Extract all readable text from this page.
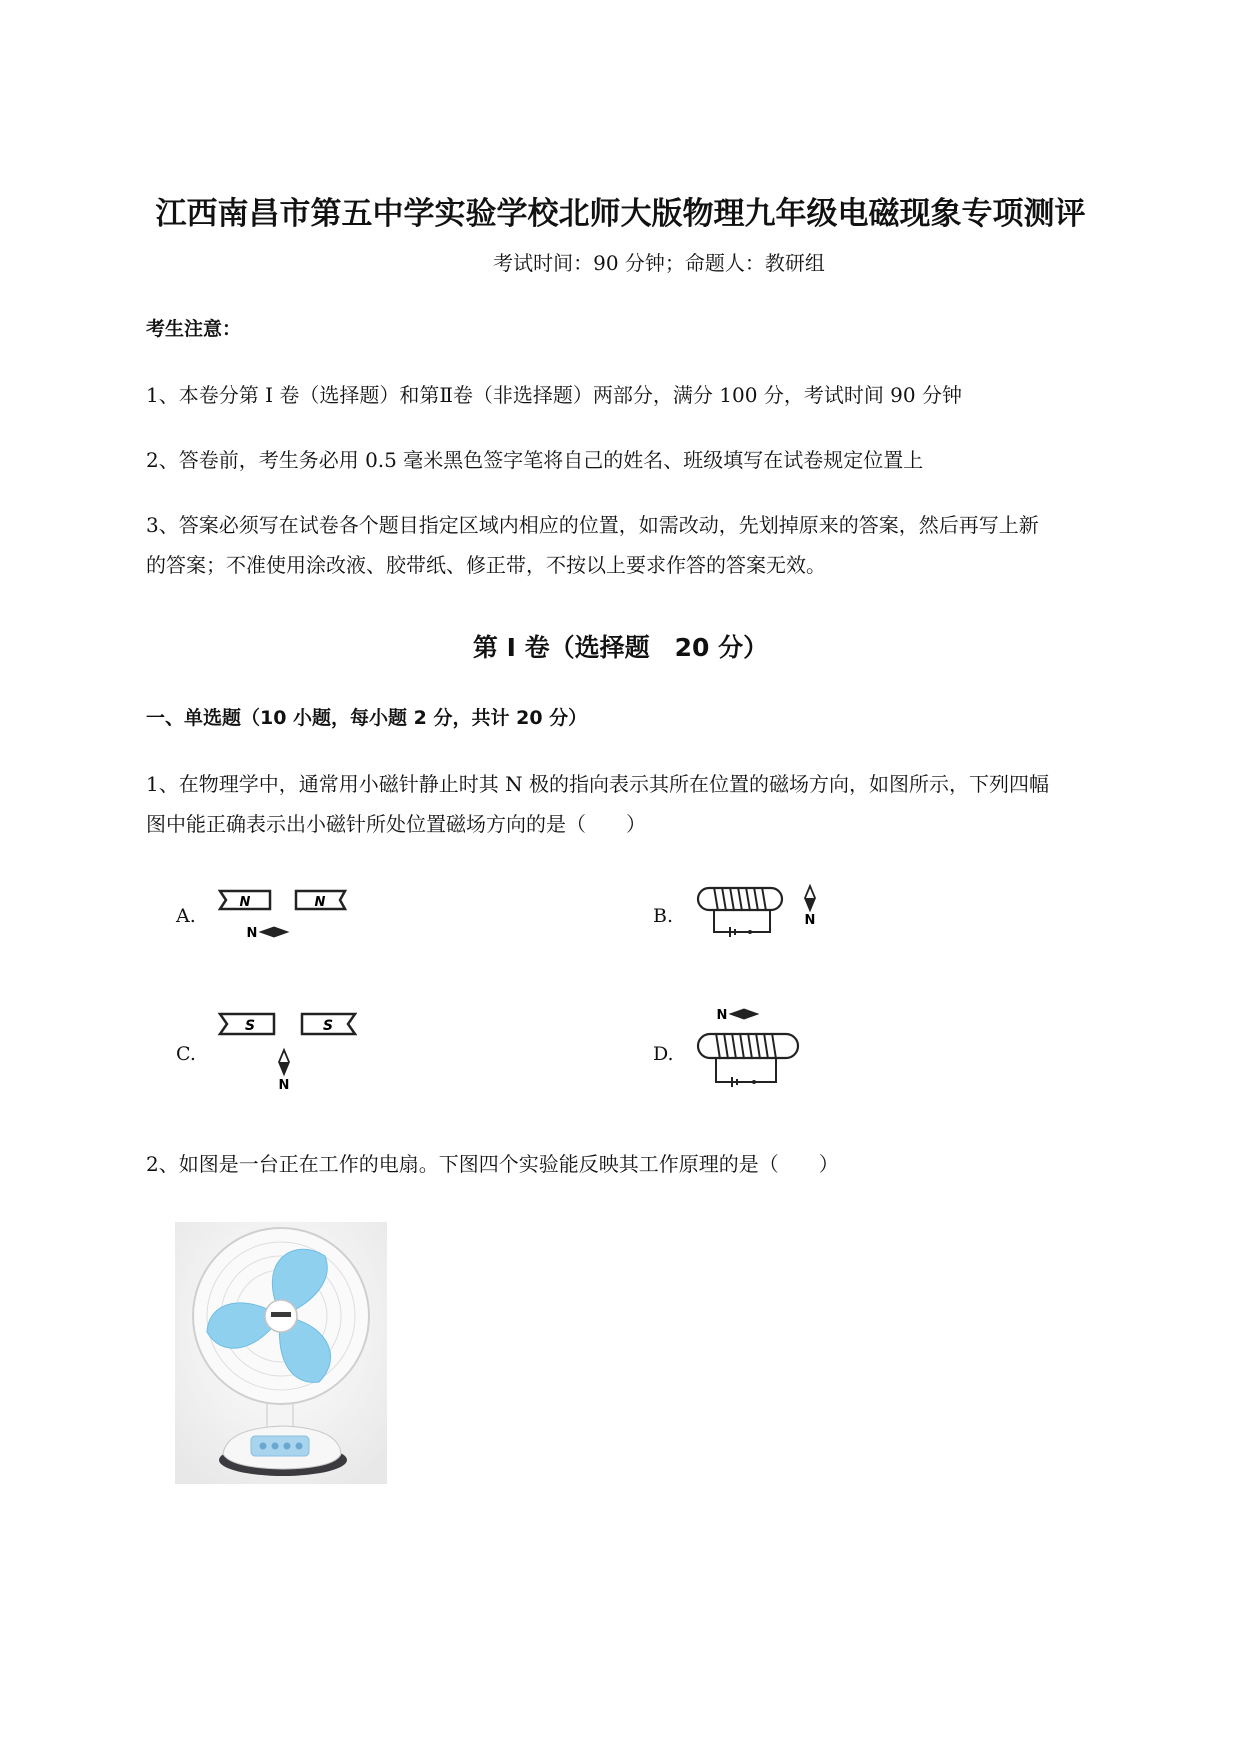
江西南昌市第五中学实验学校北师大版物理九年级电磁现象专项测评
考试时间：90 分钟；命题人：教研组
考生注意：
1、本卷分第 I 卷（选择题）和第Ⅱ卷（非选择题）两部分，满分 100 分，考试时间 90 分钟
2、答卷前，考生务必用 0.5 毫米黑色签字笔将自己的姓名、班级填写在试卷规定位置上
3、答案必须写在试卷各个题目指定区域内相应的位置，如需改动，先划掉原来的答案，然后再写上新
的答案；不准使用涂改液、胶带纸、修正带，不按以上要求作答的答案无效。
第 I 卷（选择题　20 分）
一、单选题（10 小题，每小题 2 分，共计 20 分）
1、在物理学中，通常用小磁针静止时其 N 极的指向表示其所在位置的磁场方向，如图所示，下列四幅
图中能正确表示出小磁针所处位置磁场方向的是（　　）
A.
N	N
N
B.	N
C.
S	S
N
D.
N
2、如图是一台正在工作的电扇。下图四个实验能反映其工作原理的是（　　）
